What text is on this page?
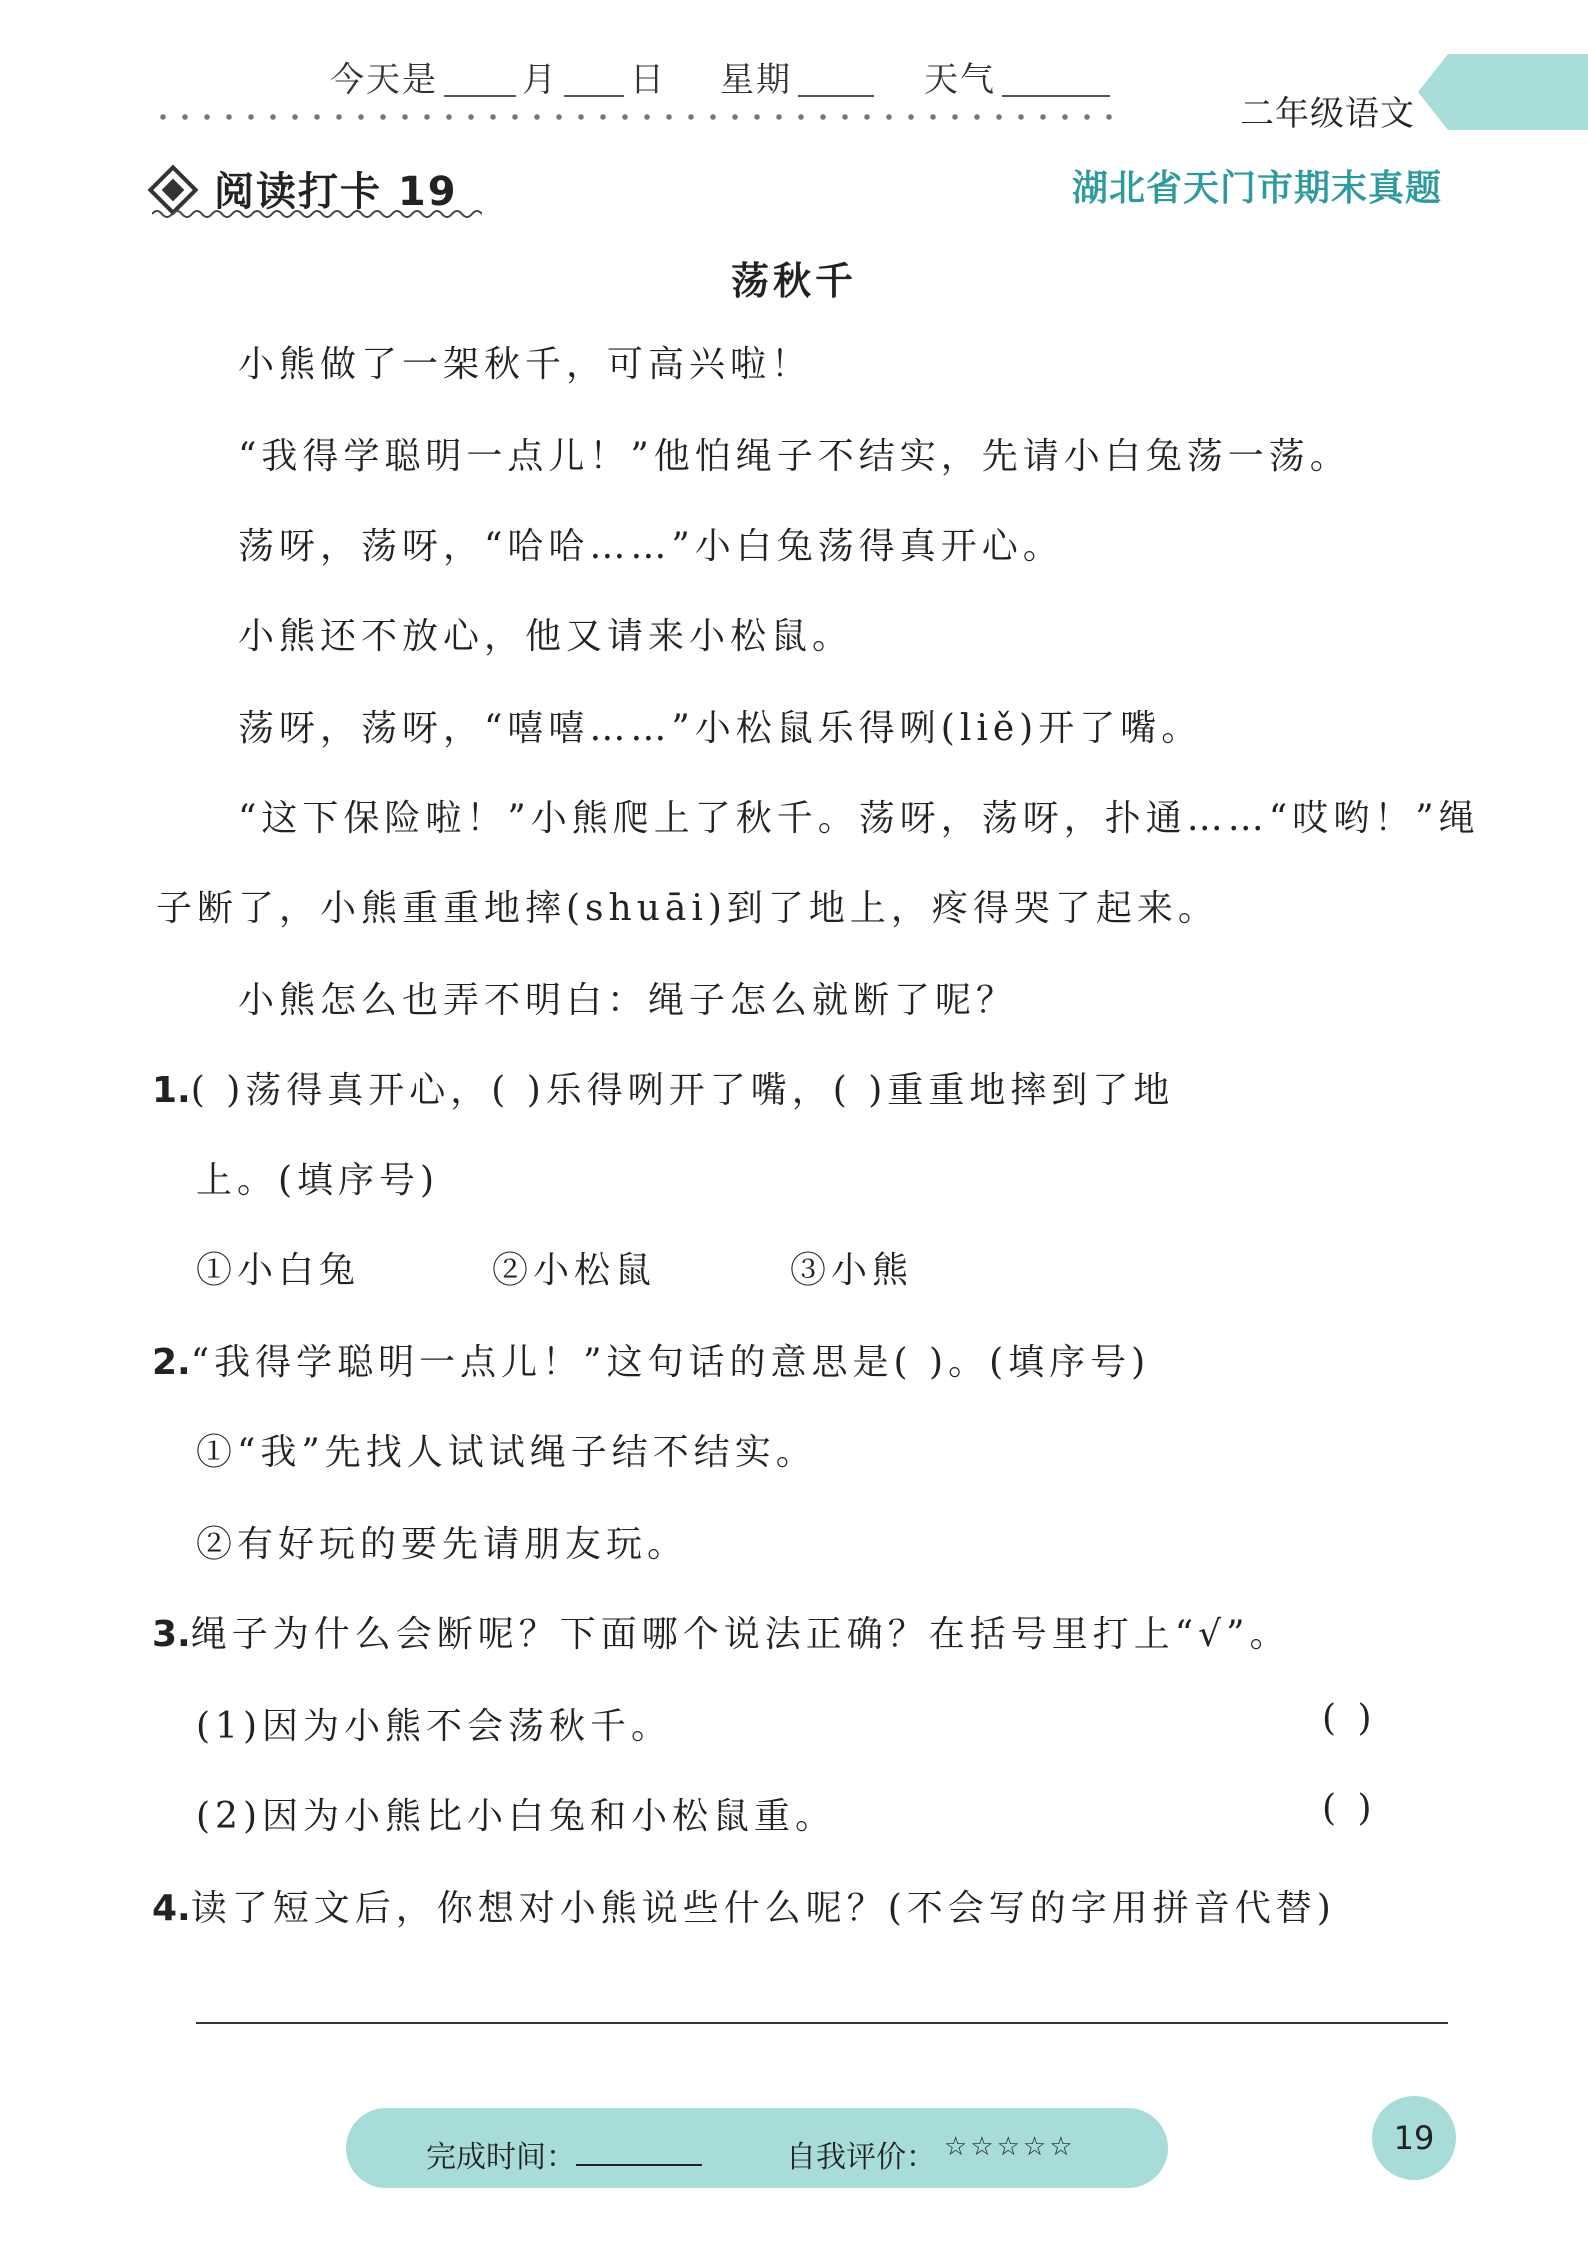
今天是 月 日 星期	天气
二年级语文
阅读打卡 19	湖北省天门市期末真题
荡秋千
小熊做了一架秋千，可高兴啦！
“我得学聪明一点儿！”他怕绳子不结实，先请小白兔荡一荡。
荡呀，荡呀，“哈哈……”小白兔荡得真开心。
小熊还不放心，他又请来小松鼠。
荡呀，荡呀，“嘻嘻……”小松鼠乐得咧(liě)开了嘴。
“这下保险啦！”小熊爬上了秋千。荡呀，荡呀，扑通……“哎哟！”绳
子断了，小熊重重地摔(shuāi)到了地上，疼得哭了起来。
小熊怎么也弄不明白：绳子怎么就断了呢？
1.( )荡得真开心，( )乐得咧开了嘴，( )重重地摔到了地
上。(填序号)
①小白兔	②小松鼠	③小熊
2.“我得学聪明一点儿！”这句话的意思是( )。(填序号)
①“我”先找人试试绳子结不结实。
②有好玩的要先请朋友玩。
3.绳子为什么会断呢？下面哪个说法正确？在括号里打上“√”。
(1)因为小熊不会荡秋千。	( )
(2)因为小熊比小白兔和小松鼠重。	( )
4.读了短文后，你想对小熊说些什么呢？(不会写的字用拼音代替)
完成时间：	自我评价： ☆☆☆☆☆	19
